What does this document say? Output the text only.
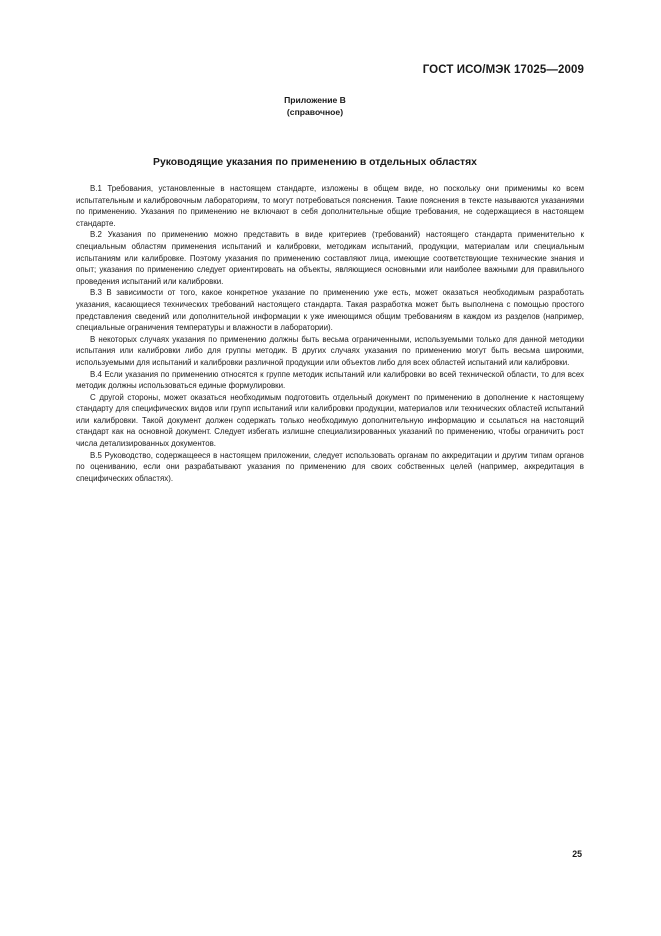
ГОСТ ИСО/МЭК 17025—2009
Приложение В
(справочное)
Руководящие указания по применению в отдельных областях

В.1 Требования, установленные в настоящем стандарте, изложены в общем виде, но поскольку они применимы ко всем испытательным и калибровочным лабораториям, то могут потребоваться пояснения. Такие пояснения в тексте называются указаниями по применению. Указания по применению не включают в себя дополнительные общие требования, не содержащиеся в настоящем стандарте.

В.2 Указания по применению можно представить в виде критериев (требований) настоящего стандарта применительно к специальным областям применения испытаний и калибровки, методикам испытаний, продукции, материалам или специальным испытаниям или калибровке. Поэтому указания по применению составляют лица, имеющие соответствующие технические знания и опыт; указания по применению следует ориентировать на объекты, являющиеся основными или наиболее важными для правильного проведения испытаний или калибровки.

В.3 В зависимости от того, какое конкретное указание по применению уже есть, может оказаться необходимым разработать указания, касающиеся технических требований настоящего стандарта. Такая разработка может быть выполнена с помощью простого представления сведений или дополнительной информации к уже имеющимся общим требованиям в каждом из разделов (например, специальные ограничения температуры и влажности в лаборатории).

В некоторых случаях указания по применению должны быть весьма ограниченными, используемыми только для данной методики испытания или калибровки либо для группы методик. В других случаях указания по применению могут быть весьма широкими, используемыми для испытаний и калибровки различной продукции или объектов либо для всех областей испытаний или калибровки.

В.4 Если указания по применению относятся к группе методик испытаний или калибровки во всей технической области, то для всех методик должны использоваться единые формулировки.

С другой стороны, может оказаться необходимым подготовить отдельный документ по применению в дополнение к настоящему стандарту для специфических видов или групп испытаний или калибровки продукции, материалов или технических областей испытаний или калибровки. Такой документ должен содержать только необходимую дополнительную информацию и ссылаться на настоящий стандарт как на основной документ. Следует избегать излишне специализированных указаний по применению, чтобы ограничить рост числа детализированных документов.

В.5 Руководство, содержащееся в настоящем приложении, следует использовать органам по аккредитации и другим типам органов по оцениванию, если они разрабатывают указания по применению для своих собственных целей (например, аккредитация в специфических областях).

25
